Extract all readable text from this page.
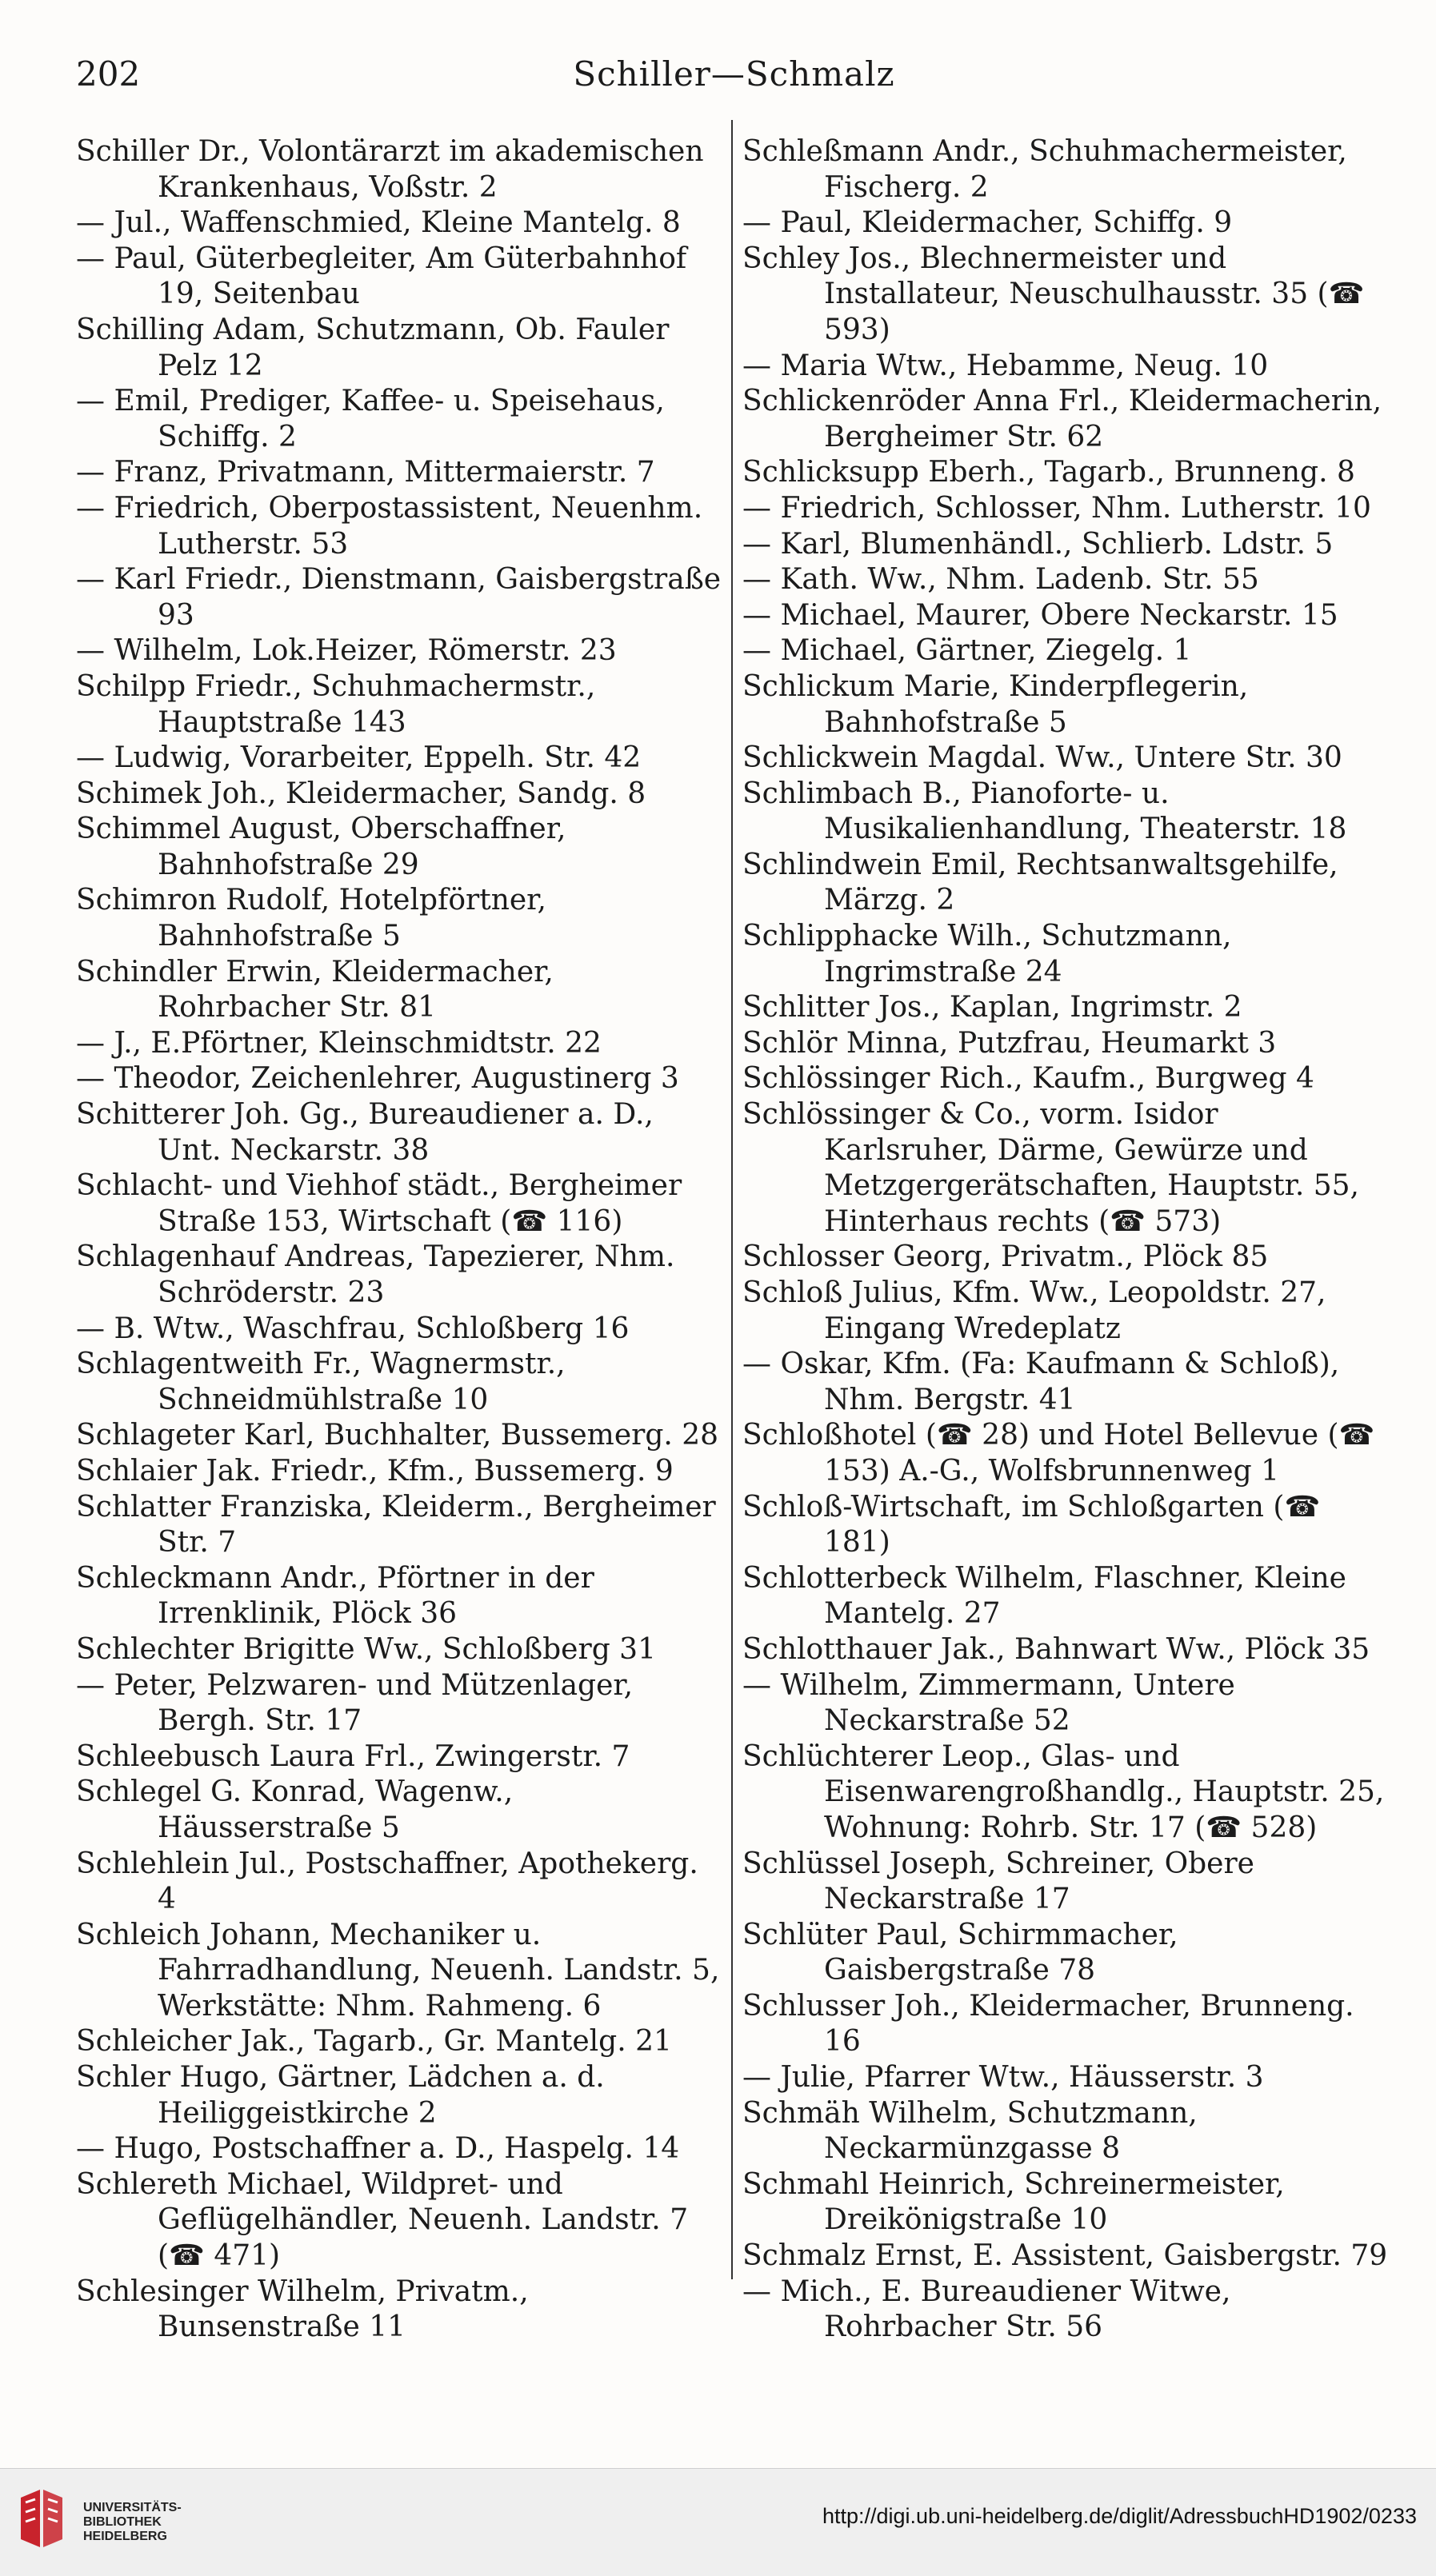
202	Schiller—Schmalz

Schiller Dr., Volontärarzt im akademischen Krankenhaus, Voßstr. 2

— Jul., Waffenschmied, Kleine Mantelg. 8

— Paul, Güterbegleiter, Am Güterbahnhof 19, Seitenbau

Schilling Adam, Schutzmann, Ob. Fauler Pelz 12

— Emil, Prediger, Kaffee- u. Speisehaus, Schiffg. 2

— Franz, Privatmann, Mittermaierstr. 7

— Friedrich, Oberpostassistent, Neuenhm. Lutherstr. 53

— Karl Friedr., Dienstmann, Gaisbergstraße 93

— Wilhelm, Lok.Heizer, Römerstr. 23

Schilpp Friedr., Schuhmachermstr., Hauptstraße 143

— Ludwig, Vorarbeiter, Eppelh. Str. 42

Schimek Joh., Kleidermacher, Sandg. 8

Schimmel August, Oberschaffner, Bahnhofstraße 29

Schimron Rudolf, Hotelpförtner, Bahnhofstraße 5

Schindler Erwin, Kleidermacher, Rohrbacher Str. 81

— J., E.Pförtner, Kleinschmidtstr. 22

— Theodor, Zeichenlehrer, Augustinerg 3

Schitterer Joh. Gg., Bureaudiener a. D., Unt. Neckarstr. 38

Schlacht- und Viehhof städt., Bergheimer Straße 153, Wirtschaft (☎ 116)

Schlagenhauf Andreas, Tapezierer, Nhm. Schröderstr. 23

— B. Wtw., Waschfrau, Schloßberg 16

Schlagentweith Fr., Wagnermstr., Schneidmühlstraße 10

Schlageter Karl, Buchhalter, Bussemerg. 28

Schlaier Jak. Friedr., Kfm., Bussemerg. 9

Schlatter Franziska, Kleiderm., Bergheimer Str. 7

Schleckmann Andr., Pförtner in der Irrenklinik, Plöck 36

Schlechter Brigitte Ww., Schloßberg 31

— Peter, Pelzwaren- und Mützenlager, Bergh. Str. 17

Schleebusch Laura Frl., Zwingerstr. 7

Schlegel G. Konrad, Wagenw., Häusserstraße 5

Schlehlein Jul., Postschaffner, Apothekerg. 4

Schleich Johann, Mechaniker u. Fahrradhandlung, Neuenh. Landstr. 5, Werkstätte: Nhm. Rahmeng. 6

Schleicher Jak., Tagarb., Gr. Mantelg. 21

Schler Hugo, Gärtner, Lädchen a. d. Heiliggeistkirche 2

— Hugo, Postschaffner a. D., Haspelg. 14

Schlereth Michael, Wildpret- und Geflügelhändler, Neuenh. Landstr. 7 (☎ 471)

Schlesinger Wilhelm, Privatm., Bunsenstraße 11

Schleßmann Andr., Schuhmachermeister, Fischerg. 2

— Paul, Kleidermacher, Schiffg. 9

Schley Jos., Blechnermeister und Installateur, Neuschulhausstr. 35 (☎ 593)

— Maria Wtw., Hebamme, Neug. 10

Schlickenröder Anna Frl., Kleidermacherin, Bergheimer Str. 62

Schlicksupp Eberh., Tagarb., Brunneng. 8

— Friedrich, Schlosser, Nhm. Lutherstr. 10

— Karl, Blumenhändl., Schlierb. Ldstr. 5

— Kath. Ww., Nhm. Ladenb. Str. 55

— Michael, Maurer, Obere Neckarstr. 15

— Michael, Gärtner, Ziegelg. 1

Schlickum Marie, Kinderpflegerin, Bahnhofstraße 5

Schlickwein Magdal. Ww., Untere Str. 30

Schlimbach B., Pianoforte- u. Musikalienhandlung, Theaterstr. 18

Schlindwein Emil, Rechtsanwaltsgehilfe, Märzg. 2

Schlipphacke Wilh., Schutzmann, Ingrimstraße 24

Schlitter Jos., Kaplan, Ingrimstr. 2

Schlör Minna, Putzfrau, Heumarkt 3

Schlössinger Rich., Kaufm., Burgweg 4

Schlössinger & Co., vorm. Isidor Karlsruher, Därme, Gewürze und Metzgergerätschaften, Hauptstr. 55, Hinterhaus rechts (☎ 573)

Schlosser Georg, Privatm., Plöck 85

Schloß Julius, Kfm. Ww., Leopoldstr. 27, Eingang Wredeplatz

— Oskar, Kfm. (Fa: Kaufmann & Schloß), Nhm. Bergstr. 41

Schloßhotel (☎ 28) und Hotel Bellevue (☎ 153) A.-G., Wolfsbrunnenweg 1

Schloß-Wirtschaft, im Schloßgarten (☎ 181)

Schlotterbeck Wilhelm, Flaschner, Kleine Mantelg. 27

Schlotthauer Jak., Bahnwart Ww., Plöck 35

— Wilhelm, Zimmermann, Untere Neckarstraße 52

Schlüchterer Leop., Glas- und Eisenwarengroßhandlg., Hauptstr. 25, Wohnung: Rohrb. Str. 17 (☎ 528)

Schlüssel Joseph, Schreiner, Obere Neckarstraße 17

Schlüter Paul, Schirmmacher, Gaisbergstraße 78

Schlusser Joh., Kleidermacher, Brunneng. 16

— Julie, Pfarrer Wtw., Häusserstr. 3

Schmäh Wilhelm, Schutzmann, Neckarmünzgasse 8

Schmahl Heinrich, Schreinermeister, Dreikönigstraße 10

Schmalz Ernst, E. Assistent, Gaisbergstr. 79

— Mich., E. Bureaudiener Witwe, Rohrbacher Str. 56

UNIVERSITÄTS-
BIBLIOTHEK
HEIDELBERG
http://digi.ub.uni-heidelberg.de/diglit/AdressbuchHD1902/0233
